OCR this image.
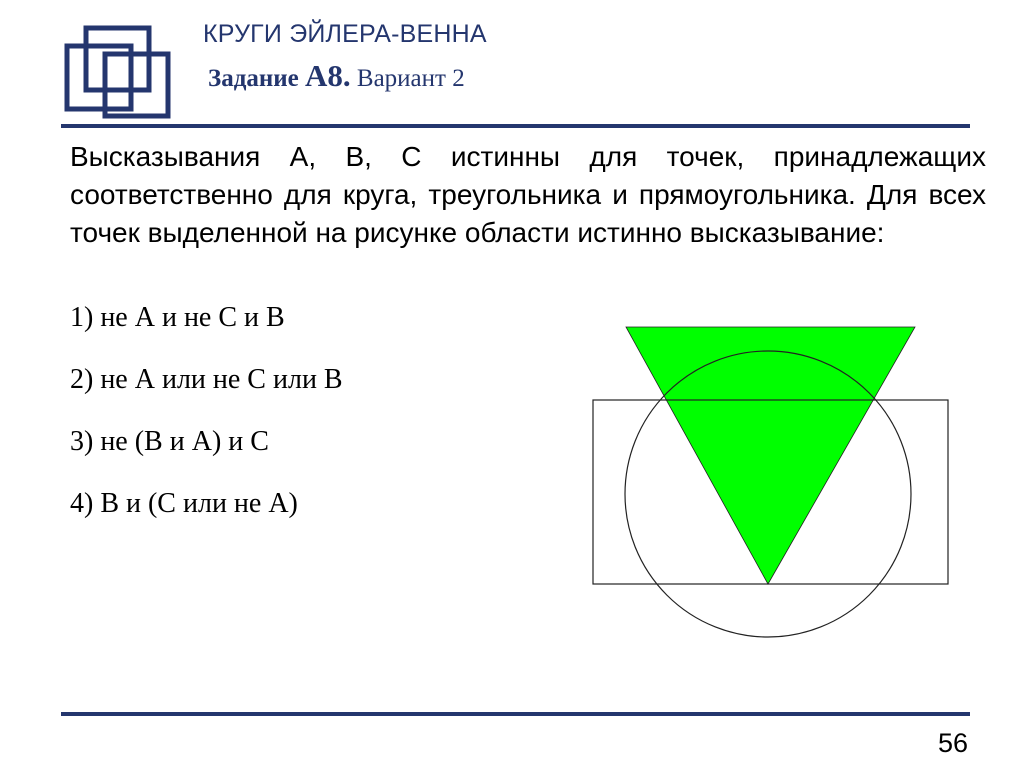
КРУГИ ЭЙЛЕРА-ВЕННА
Задание А8. Вариант 2
Высказывания А, В, С истинны для точек, принадлежащих соответственно для круга, треугольника и прямоугольника. Для всех точек выделенной на рисунке области истинно высказывание:
1) не А и не С и В
2) не А или не С или В
3) не (В и А) и С
4) В и (С или не А)
56
